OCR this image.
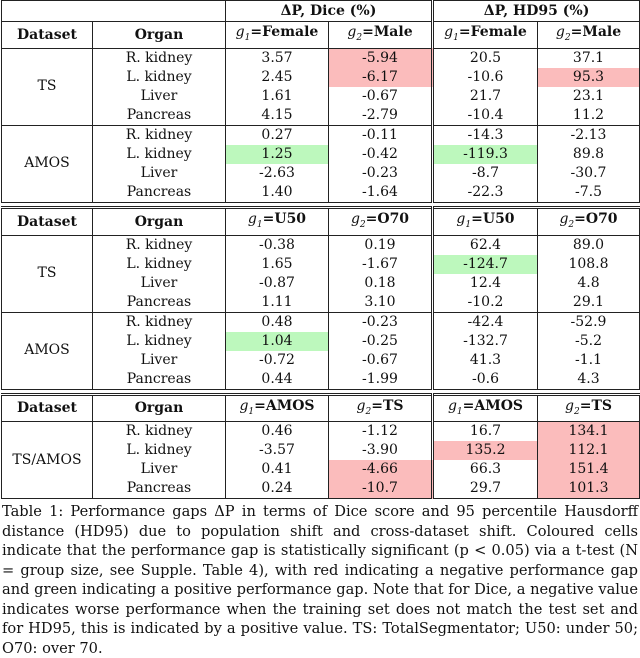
		ΔP, Dice (%)		ΔP, HD95 (%)	
Dataset	Organ	$g_1=Female$	$g_2=Male$	$g_1=Female$	$g_2=Male$
TS	R. kidney	3.57	-5.94	20.5	37.1
	L. kidney	2.45	-6.17	-10.6	95.3
	Liver	1.61	-0.67	21.7	23.1
	Pancreas	4.15	-2.79	-10.4	11.2
AMOS	R. kidney	0.27	-0.11	-14.3	-2.13
	L. kidney	1.25	-0.42	-119.3	89.8
	Liver	-2.63	-0.23	-8.7	-30.7
	Pancreas	1.40	-1.64	-22.3	-7.5
Dataset	Organ	$g_1=U50$	$g_2=O70$	$g_1=U50$	$g_2=O70$
TS	R. kidney	-0.38	0.19	62.4	89.0
	L. kidney	1.65	-1.67	-124.7	108.8
	Liver	-0.87	0.18	12.4	4.8
	Pancreas	1.11	3.10	-10.2	29.1
AMOS	R. kidney	0.48	-0.23	-42.4	-52.9
	L. kidney	1.04	-0.25	-132.7	-5.2
	Liver	-0.72	-0.67	41.3	-1.1
	Pancreas	0.44	-1.99	-0.6	4.3
Dataset	Organ	$g_1=AMOS$	$g_2=TS$	$g_1=AMOS$	$g_2=TS$
TS/AMOS	R. kidney	0.46	-1.12	16.7	134.1
	L. kidney	-3.57	-3.90	135.2	112.1
	Liver	0.41	-4.66	66.3	151.4
	Pancreas	0.24	-10.7	29.7	101.3
Table 1: Performance gaps ΔP in terms of Dice score and 95 percentile Hausdorff distance (HD95) due to population shift and cross-dataset shift. Coloured cells indicate that the performance gap is statistically significant (p < 0.05) via a t-test (N = group size, see Supple. Table 4), with red indicating a negative performance gap and green indicating a positive performance gap. Note that for Dice, a negative value indicates worse performance when the training set does not match the test set and for HD95, this is indicated by a positive value. TS: TotalSegmentator; U50: under 50; O70: over 70.
